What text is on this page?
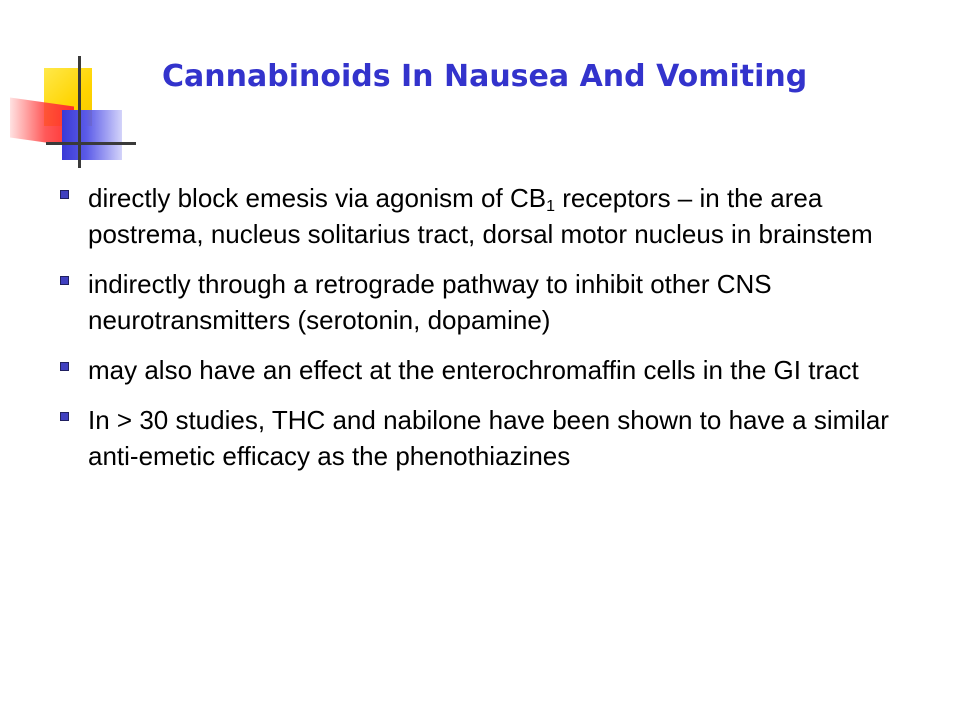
Cannabinoids In Nausea And Vomiting
directly block emesis via agonism of $CB_1$ receptors – in the area postrema, nucleus solitarius tract, dorsal motor nucleus in brainstem
indirectly through a retrograde pathway to inhibit other CNS neurotransmitters (serotonin, dopamine)
may also have an effect at the enterochromaffin cells in the GI tract
In > 30 studies, THC and nabilone have been shown to have a similar anti-emetic efficacy as the phenothiazines
